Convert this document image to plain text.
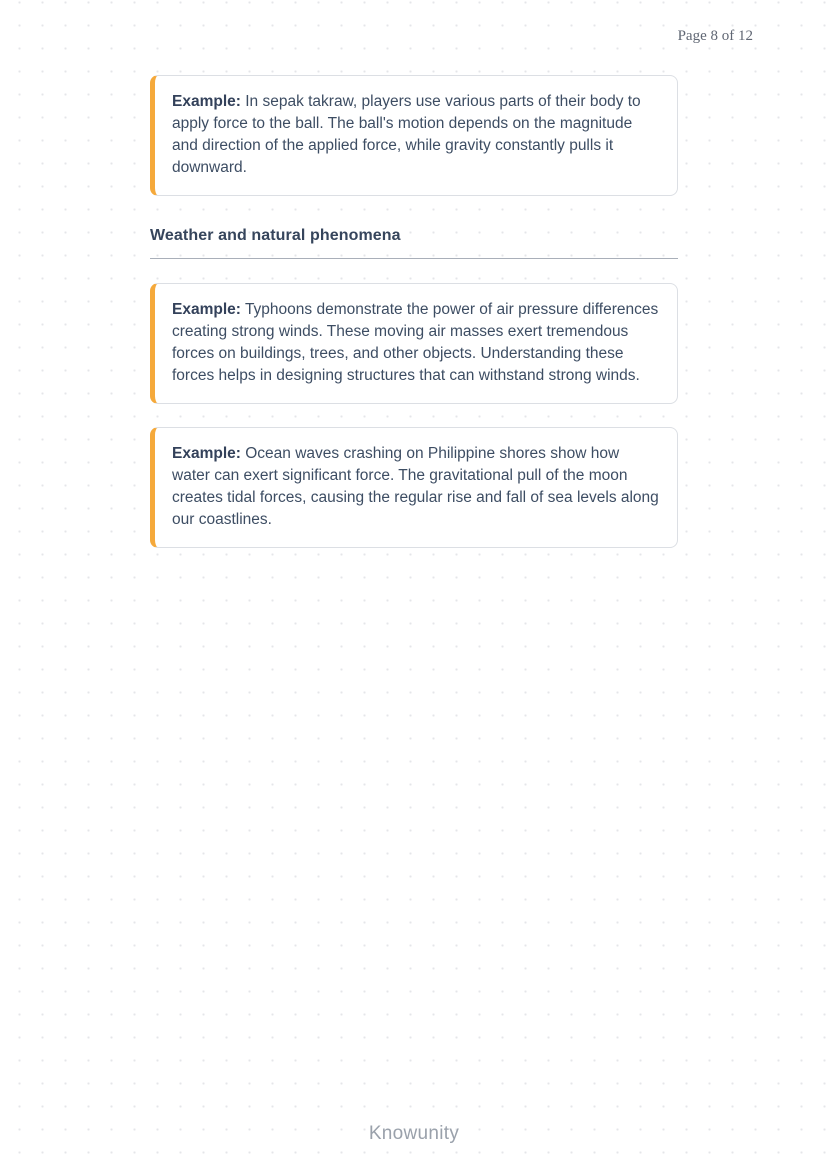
Page 8 of 12
Example: In sepak takraw, players use various parts of their body to apply force to the ball. The ball's motion depends on the magnitude and direction of the applied force, while gravity constantly pulls it downward.
Weather and natural phenomena
Example: Typhoons demonstrate the power of air pressure differences creating strong winds. These moving air masses exert tremendous forces on buildings, trees, and other objects. Understanding these forces helps in designing structures that can withstand strong winds.
Example: Ocean waves crashing on Philippine shores show how water can exert significant force. The gravitational pull of the moon creates tidal forces, causing the regular rise and fall of sea levels along our coastlines.
Knowunity
